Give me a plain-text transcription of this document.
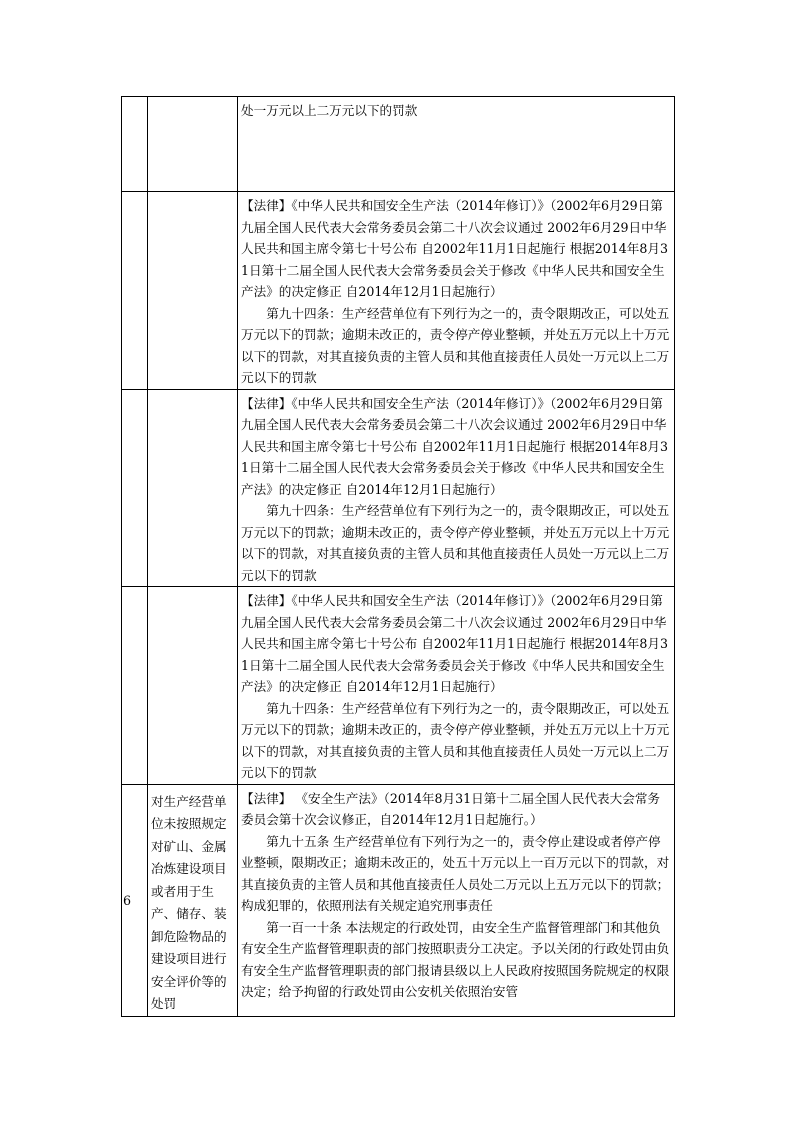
		处一万元以上二万元以下的罚款

		【法律】《中华人民共和国安全生产法（2014年修订）》（2002年6月29日第九届全国人民代表大会常务委员会第二十八次会议通过 2002年6月29日中华人民共和国主席令第七十号公布 自2002年11月1日起施行 根据2014年8月31日第十二届全国人民代表大会常务委员会关于修改《中华人民共和国安全生产法》的决定修正 自2014年12月1日起施行）

第九十四条：生产经营单位有下列行为之一的，责令限期改正，可以处五万元以下的罚款；逾期未改正的，责令停产停业整顿，并处五万元以上十万元以下的罚款，对其直接负责的主管人员和其他直接责任人员处一万元以上二万元以下的罚款

		【法律】《中华人民共和国安全生产法（2014年修订）》（2002年6月29日第九届全国人民代表大会常务委员会第二十八次会议通过 2002年6月29日中华人民共和国主席令第七十号公布 自2002年11月1日起施行 根据2014年8月31日第十二届全国人民代表大会常务委员会关于修改《中华人民共和国安全生产法》的决定修正 自2014年12月1日起施行）

第九十四条：生产经营单位有下列行为之一的，责令限期改正，可以处五万元以下的罚款；逾期未改正的，责令停产停业整顿，并处五万元以上十万元以下的罚款，对其直接负责的主管人员和其他直接责任人员处一万元以上二万元以下的罚款

		【法律】《中华人民共和国安全生产法（2014年修订）》（2002年6月29日第九届全国人民代表大会常务委员会第二十八次会议通过 2002年6月29日中华人民共和国主席令第七十号公布 自2002年11月1日起施行 根据2014年8月31日第十二届全国人民代表大会常务委员会关于修改《中华人民共和国安全生产法》的决定修正 自2014年12月1日起施行）

第九十四条：生产经营单位有下列行为之一的，责令限期改正，可以处五万元以下的罚款；逾期未改正的，责令停产停业整顿，并处五万元以上十万元以下的罚款，对其直接负责的主管人员和其他直接责任人员处一万元以上二万元以下的罚款

6	对生产经营单位未按照规定对矿山、金属冶炼建设项目或者用于生产、储存、装卸危险物品的建设项目进行安全评价等的处罚	【法律】 《安全生产法》（2014年8月31日第十二届全国人民代表大会常务委员会第十次会议修正，自2014年12月1日起施行。）

第九十五条 生产经营单位有下列行为之一的，责令停止建设或者停产停业整顿，限期改正；逾期未改正的，处五十万元以上一百万元以下的罚款，对其直接负责的主管人员和其他直接责任人员处二万元以上五万元以下的罚款；构成犯罪的，依照刑法有关规定追究刑事责任

第一百一十条 本法规定的行政处罚，由安全生产监督管理部门和其他负有安全生产监督管理职责的部门按照职责分工决定。予以关闭的行政处罚由负有安全生产监督管理职责的部门报请县级以上人民政府按照国务院规定的权限决定；给予拘留的行政处罚由公安机关依照治安管
